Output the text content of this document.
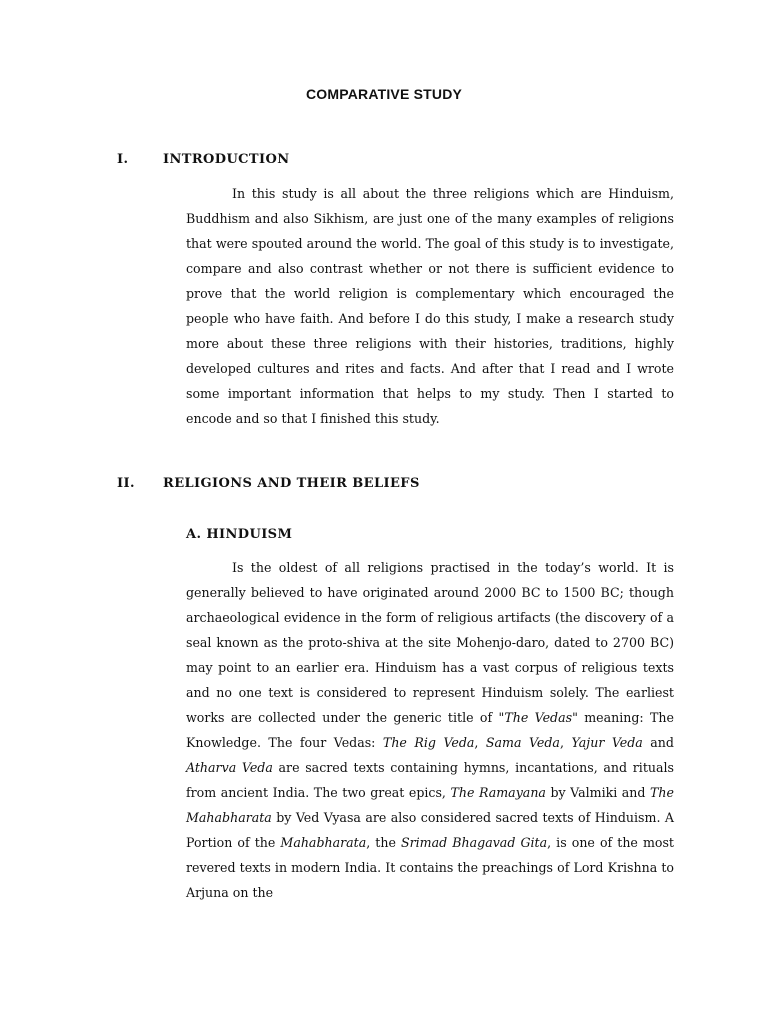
COMPARATIVE STUDY
I.	INTRODUCTION

In this study is all about the three religions which are Hinduism, Buddhism and also Sikhism, are just one of the many examples of religions that were spouted around the world. The goal of this study is to investigate, compare and also contrast whether or not there is sufficient evidence to prove that the world religion is complementary which encouraged the people who have faith. And before I do this study, I make a research study more about these three religions with their histories, traditions, highly developed cultures and rites and facts. And after that I read and I wrote some important information that helps to my study. Then I started to encode and so that I finished this study.

II. RELIGIONS AND THEIR BELIEFS
A. HINDUISM

Is the oldest of all religions practised in the today’s world. It is generally believed to have originated around 2000 BC to 1500 BC; though archaeological evidence in the form of religious artifacts (the discovery of a seal known as the proto-shiva at the site Mohenjo-daro, dated to 2700 BC) may point to an earlier era. Hinduism has a vast corpus of religious texts and no one text is considered to represent Hinduism solely. The earliest works are collected under the generic title of "The Vedas" meaning: The Knowledge. The four Vedas: The Rig Veda, Sama Veda, Yajur Veda and Atharva Veda are sacred texts containing hymns, incantations, and rituals from ancient India. The two great epics, The Ramayana by Valmiki and The Mahabharata by Ved Vyasa are also considered sacred texts of Hinduism. A Portion of the Mahabharata, the Srimad Bhagavad Gita, is one of the most revered texts in modern India. It contains the preachings of Lord Krishna to Arjuna on the
